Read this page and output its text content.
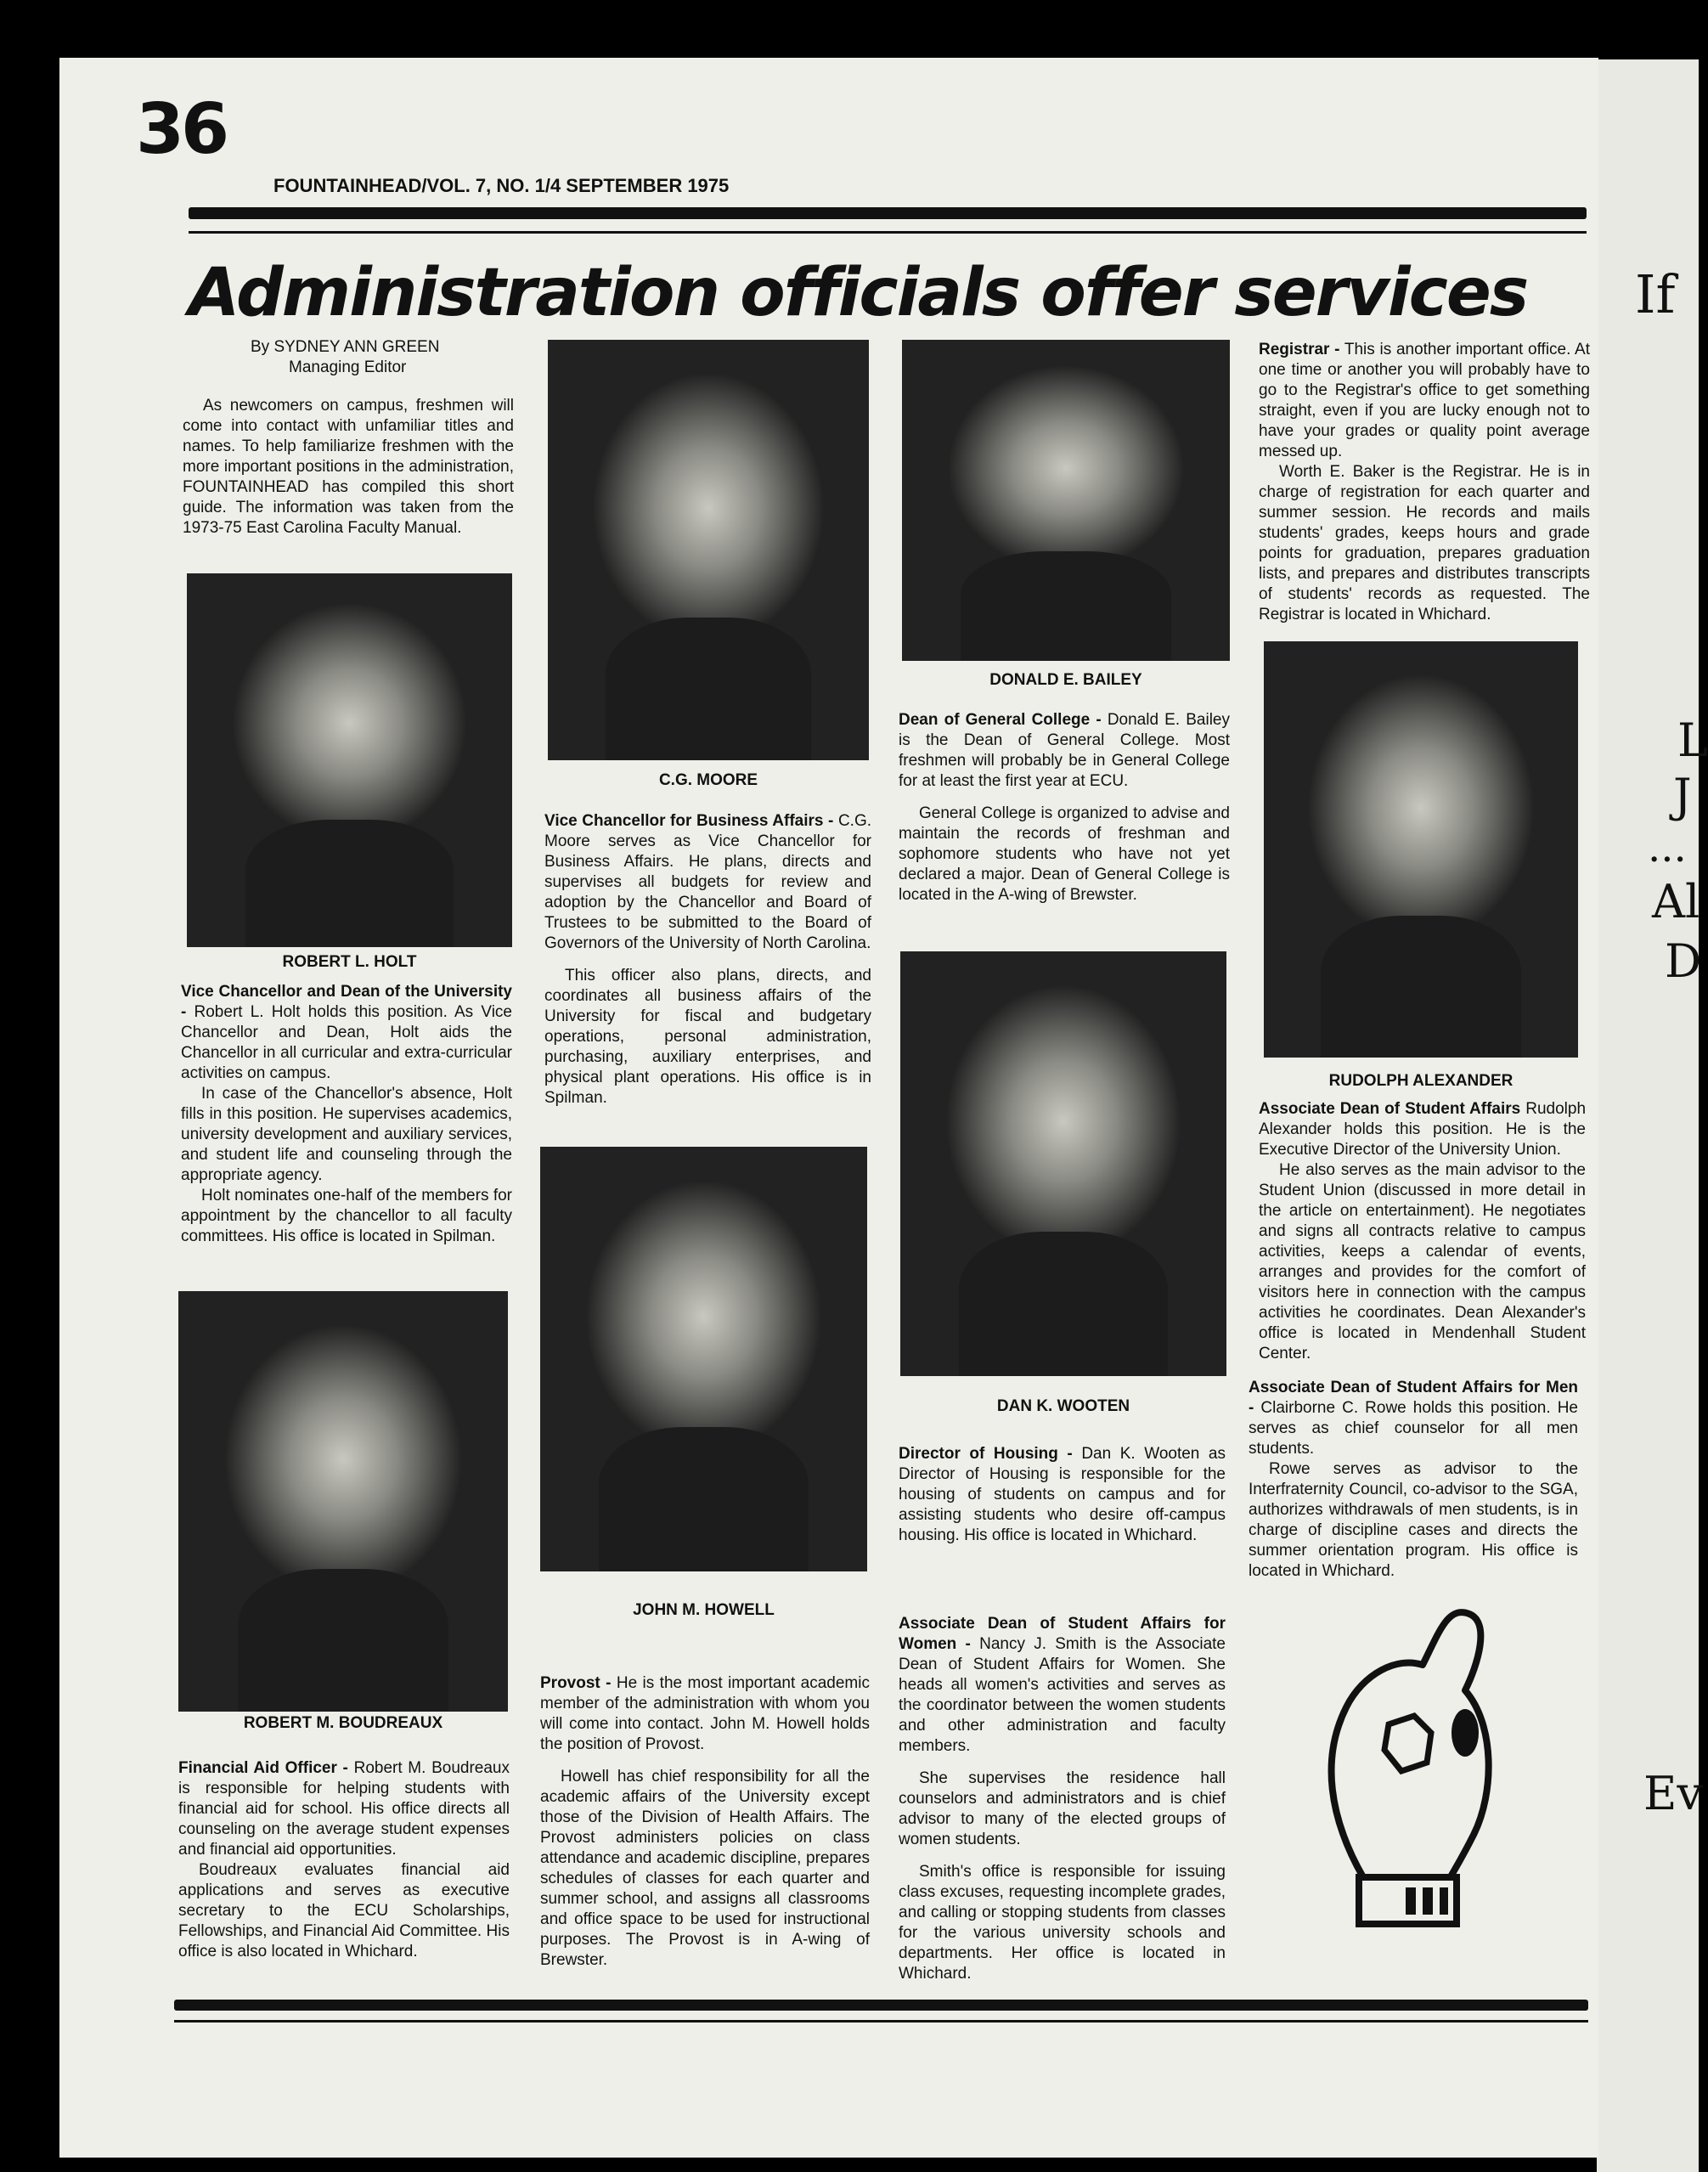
If
L
J
...
Al
D
Ev
36
FOUNTAINHEAD/VOL. 7, NO. 1/4 SEPTEMBER 1975
Administration officials offer services
By SYDNEY ANN GREEN
Managing Editor

As newcomers on campus, freshmen will come into contact with unfamiliar titles and names. To help familiarize freshmen with the more important positions in the administration, FOUNTAINHEAD has compiled this short guide. The information was taken from the 1973-75 East Carolina Faculty Manual.

ROBERT L. HOLT

Vice Chancellor and Dean of the University - Robert L. Holt holds this position. As Vice Chancellor and Dean, Holt aids the Chancellor in all curricular and extra-curricular activities on campus.

In case of the Chancellor's absence, Holt fills in this position. He supervises academics, university development and auxiliary services, and student life and counseling through the appropriate agency.

Holt nominates one-half of the members for appointment by the chancellor to all faculty committees. His office is located in Spilman.

ROBERT M. BOUDREAUX

Financial Aid Officer - Robert M. Boudreaux is responsible for helping students with financial aid for school. His office directs all counseling on the average student expenses and financial aid opportunities.

Boudreaux evaluates financial aid applications and serves as executive secretary to the ECU Scholarships, Fellowships, and Financial Aid Committee. His office is also located in Whichard.

C.G. MOORE

Vice Chancellor for Business Affairs - C.G. Moore serves as Vice Chancellor for Business Affairs. He plans, directs and supervises all budgets for review and adoption by the Chancellor and Board of Trustees to be submitted to the Board of Governors of the University of North Carolina.

This officer also plans, directs, and coordinates all business affairs of the University for fiscal and budgetary operations, personal administration, purchasing, auxiliary enterprises, and physical plant operations. His office is in Spilman.

JOHN M. HOWELL

Provost - He is the most important academic member of the administration with whom you will come into contact. John M. Howell holds the position of Provost.

Howell has chief responsibility for all the academic affairs of the University except those of the Division of Health Affairs. The Provost administers policies on class attendance and academic discipline, prepares schedules of classes for each quarter and summer school, and assigns all classrooms and office space to be used for instructional purposes. The Provost is in A-wing of Brewster.

DONALD E. BAILEY

Dean of General College - Donald E. Bailey is the Dean of General College. Most freshmen will probably be in General College for at least the first year at ECU.

General College is organized to advise and maintain the records of freshman and sophomore students who have not yet declared a major. Dean of General College is located in the A-wing of Brewster.

DAN K. WOOTEN

Director of Housing - Dan K. Wooten as Director of Housing is responsible for the housing of students on campus and for assisting students who desire off-campus housing. His office is located in Whichard.

Associate Dean of Student Affairs for Women - Nancy J. Smith is the Associate Dean of Student Affairs for Women. She heads all women's activities and serves as the coordinator between the women students and other administration and faculty members.

She supervises the residence hall counselors and administrators and is chief advisor to many of the elected groups of women students.

Smith's office is responsible for issuing class excuses, requesting incomplete grades, and calling or stopping students from classes for the various university schools and departments. Her office is located in Whichard.

Registrar - This is another important office. At one time or another you will probably have to go to the Registrar's office to get something straight, even if you are lucky enough not to have your grades or quality point average messed up.

Worth E. Baker is the Registrar. He is in charge of registration for each quarter and summer session. He records and mails students' grades, keeps hours and grade points for graduation, prepares graduation lists, and prepares and distributes transcripts of students' records as requested. The Registrar is located in Whichard.

RUDOLPH ALEXANDER

Associate Dean of Student Affairs Rudolph Alexander holds this position. He is the Executive Director of the University Union.

He also serves as the main advisor to the Student Union (discussed in more detail in the article on entertainment). He negotiates and signs all contracts relative to campus activities, keeps a calendar of events, arranges and provides for the comfort of visitors here in connection with the campus activities he coordinates. Dean Alexander's office is located in Mendenhall Student Center.

Associate Dean of Student Affairs for Men - Clairborne C. Rowe holds this position. He serves as chief counselor for all men students.

Rowe serves as advisor to the Interfraternity Council, co-advisor to the SGA, authorizes withdrawals of men students, is in charge of discipline cases and directs the summer orientation program. His office is located in Whichard.
